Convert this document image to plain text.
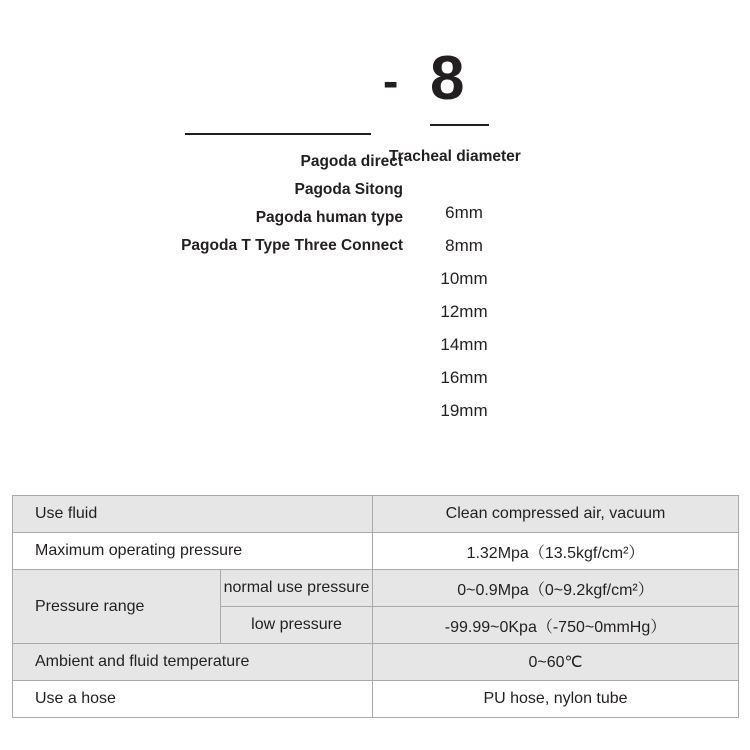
- 8
Pagoda direct
Pagoda Sitong
Pagoda human type
Pagoda T Type Three Connect
Tracheal diameter
6mm
8mm
10mm
12mm
14mm
16mm
19mm
Use fluid		Clean compressed air, vacuum
Maximum operating pressure		1.32Mpa（13.5kgf/cm²）
Pressure range	normal use pressure	0~0.9Mpa（0~9.2kgf/cm²）
	low pressure	-99.99~0Kpa（-750~0mmHg）
Ambient and fluid temperature		0~60℃
Use a hose		PU hose, nylon tube
